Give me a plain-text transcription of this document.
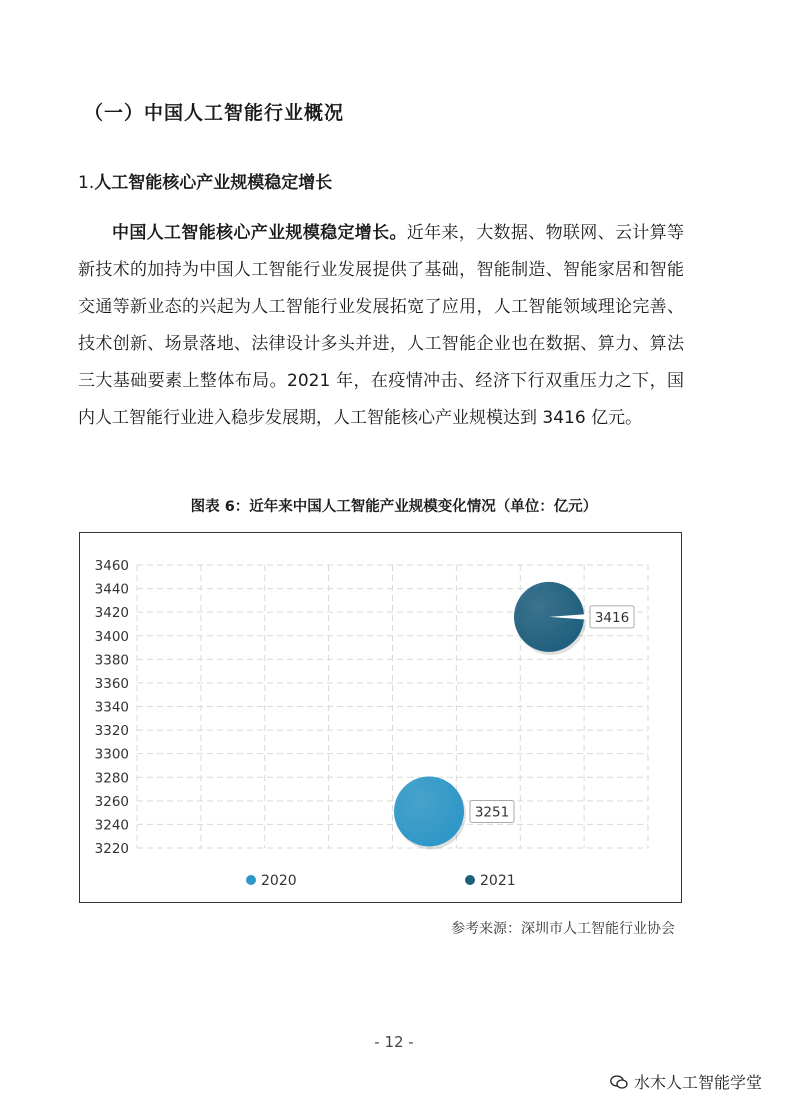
（一）中国人工智能行业概况
1.人工智能核心产业规模稳定增长
中国人工智能核心产业规模稳定增长。近年来，大数据、物联网、云计算等新技术的加持为中国人工智能行业发展提供了基础，智能制造、智能家居和智能交通等新业态的兴起为人工智能行业发展拓宽了应用，人工智能领域理论完善、技术创新、场景落地、法律设计多头并进，人工智能企业也在数据、算力、算法三大基础要素上整体布局。2021 年，在疫情冲击、经济下行双重压力之下，国内人工智能行业进入稳步发展期，人工智能核心产业规模达到 3416 亿元。
图表 6：近年来中国人工智能产业规模变化情况（单位：亿元）
3460
3440
3420
3400
3380
3360
3340
3320
3300
3280
3260
3240
3220
3251
2020
3416
2021
参考来源：深圳市人工智能行业协会
- 12 -
水木人工智能学堂
